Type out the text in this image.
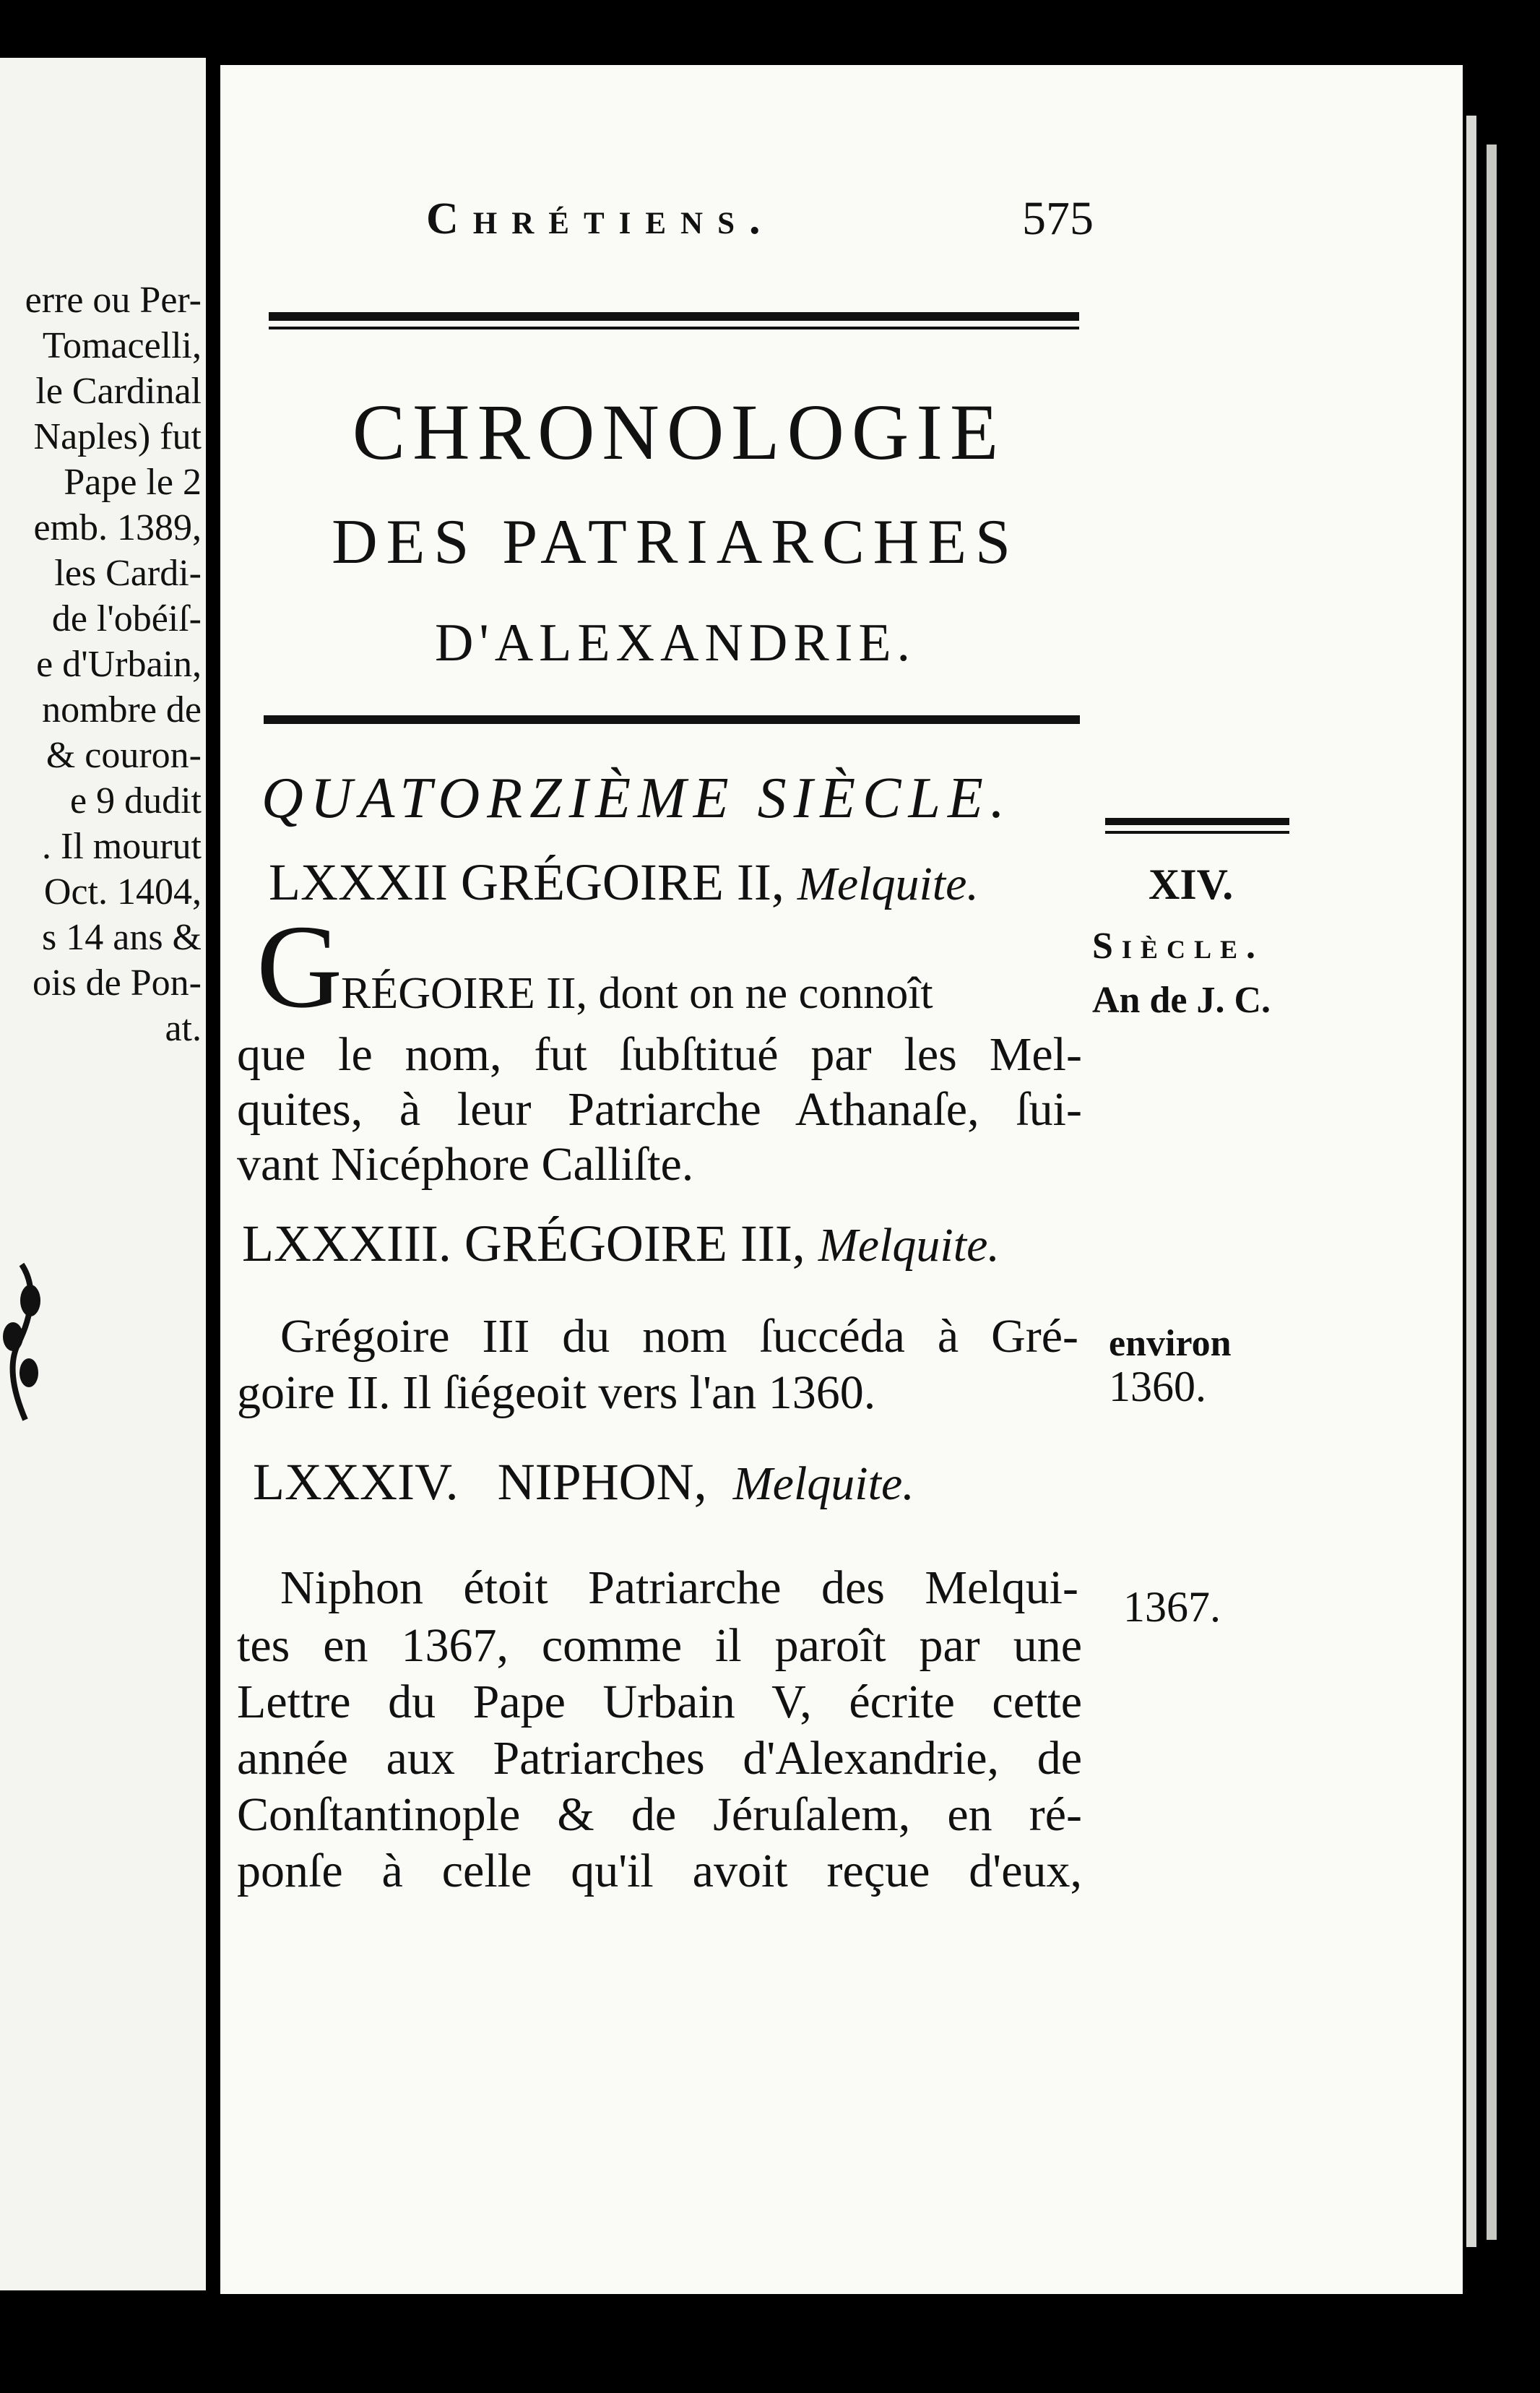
erre ou Per-
Tomacelli,
le Cardinal
Naples) fut
Pape le 2
emb. 1389,
les Cardi-
de l'obéiſ-
e d'Urbain,
nombre de
& couron-
e 9 dudit
. Il mourut
Oct. 1404,
s 14 ans &
ois de Pon-
at.
Chrétiens.	575
CHRONOLOGIE
DES PATRIARCHES
D'ALEXANDRIE.
QUATORZIÈME SIÈCLE.
XIV.
Siècle.
An de J. C.
environ
1360.
1367.
LXXXII GRÉGOIRE II, Melquite.
G
RÉGOIRE II, dont on ne connoît
que le nom, fut ſubſtitué par les Mel-
quites, à leur Patriarche Athanaſe, ſui-
vant Nicéphore Calliſte.
LXXXIII. GRÉGOIRE III, Melquite.
Grégoire III du nom ſuccéda à Gré-
goire II. Il ſiégeoit vers l'an 1360.
LXXXIV. NIPHON, Melquite.
Niphon étoit Patriarche des Melqui-
tes en 1367, comme il paroît par une
Lettre du Pape Urbain V, écrite cette
année aux Patriarches d'Alexandrie, de
Conſtantinople & de Jéruſalem, en ré-
ponſe à celle qu'il avoit reçue d'eux,
